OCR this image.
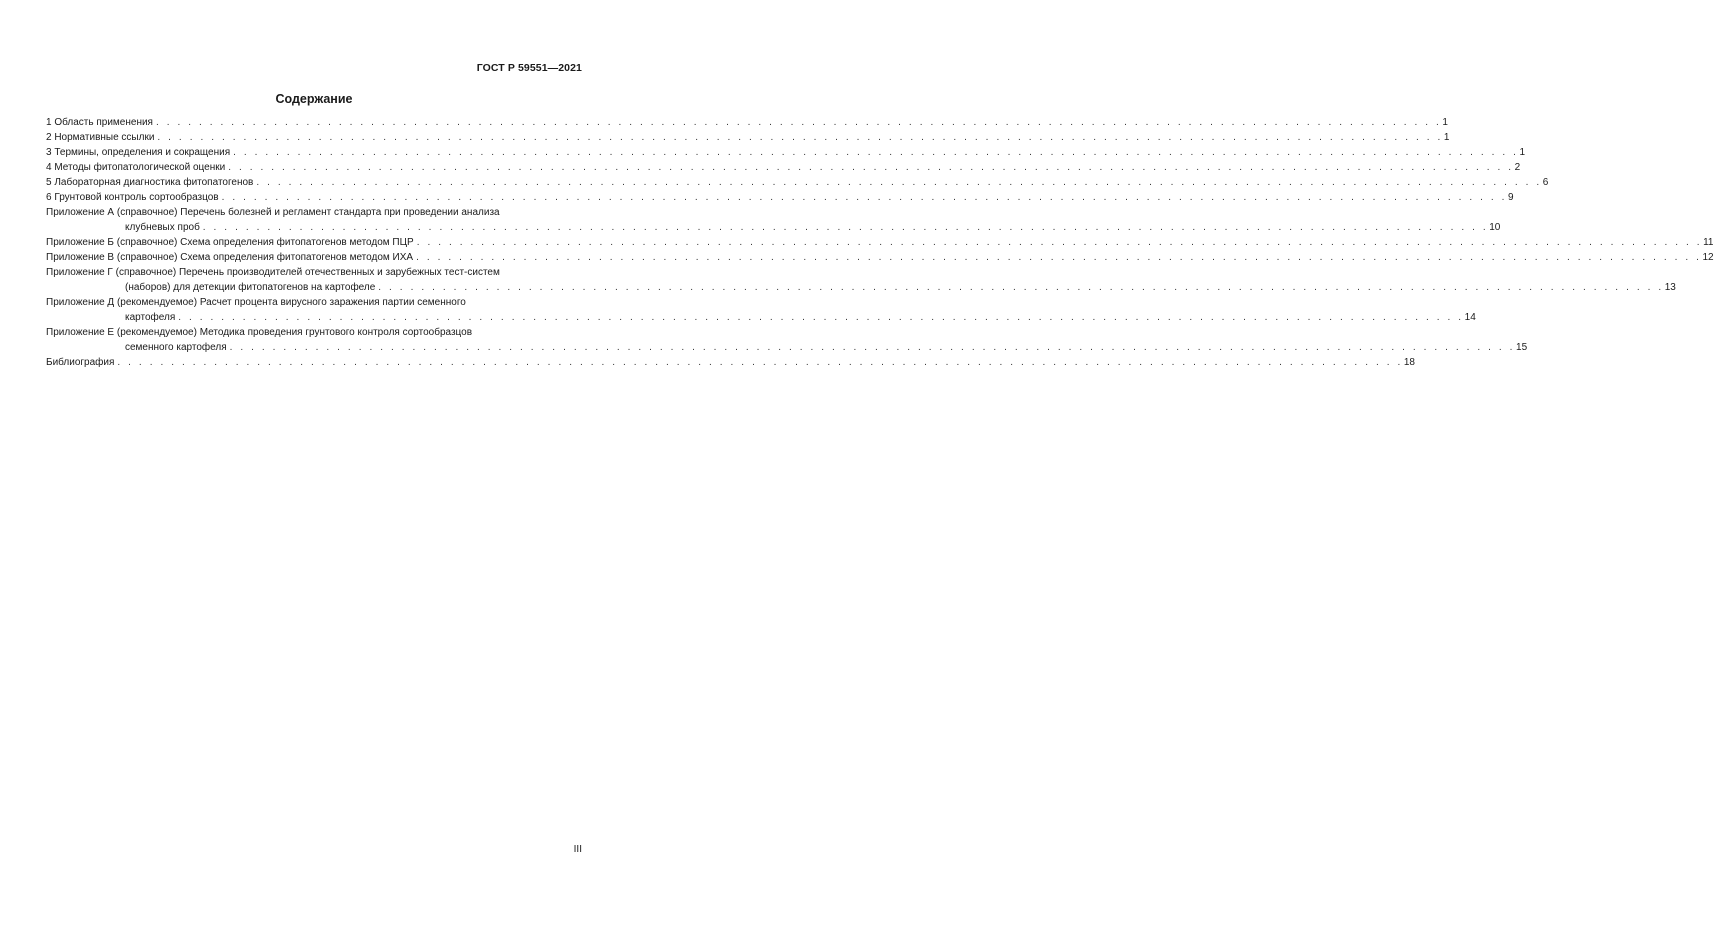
ГОСТ Р 59551—2021
Содержание
1 Область применения . . . . . . . . . . . . . . . . . . . . . . . . . . . . . . . . . . . . . . . . . . . . . . . . . . . . . . . . . . . . . . . . . . . . . . . . . . . . . . . . . . . . . . . . . . . . . . . . . . . . . . . . . . . . . . . . . . . . . . . . 1
2 Нормативные ссылки . . . . . . . . . . . . . . . . . . . . . . . . . . . . . . . . . . . . . . . . . . . . . . . . . . . . . . . . . . . . . . . . . . . . . . . . . . . . . . . . . . . . . . . . . . . . . . . . . . . . . . . . . . . . . . . . . . . . . . . . 1
3 Термины, определения и сокращения . . . . . . . . . . . . . . . . . . . . . . . . . . . . . . . . . . . . . . . . . . . . . . . . . . . . . . . . . . . . . . . . . . . . . . . . . . . . . . . . . . . . . . . . . . . . . . . . . . . . . . . . . . . . . . . . . . . . . . . . 1
4 Методы фитопатологической оценки . . . . . . . . . . . . . . . . . . . . . . . . . . . . . . . . . . . . . . . . . . . . . . . . . . . . . . . . . . . . . . . . . . . . . . . . . . . . . . . . . . . . . . . . . . . . . . . . . . . . . . . . . . . . . . . . . . . . . . . . 2
5 Лабораторная диагностика фитопатогенов . . . . . . . . . . . . . . . . . . . . . . . . . . . . . . . . . . . . . . . . . . . . . . . . . . . . . . . . . . . . . . . . . . . . . . . . . . . . . . . . . . . . . . . . . . . . . . . . . . . . . . . . . . . . . . . . . . . . . . . . 6
6 Грунтовой контроль сортообразцов . . . . . . . . . . . . . . . . . . . . . . . . . . . . . . . . . . . . . . . . . . . . . . . . . . . . . . . . . . . . . . . . . . . . . . . . . . . . . . . . . . . . . . . . . . . . . . . . . . . . . . . . . . . . . . . . . . . . . . . . 9
Приложение А (справочное) Перечень болезней и регламент стандарта при проведении анализа
клубневых проб . . . . . . . . . . . . . . . . . . . . . . . . . . . . . . . . . . . . . . . . . . . . . . . . . . . . . . . . . . . . . . . . . . . . . . . . . . . . . . . . . . . . . . . . . . . . . . . . . . . . . . . . . . . . . . . . . . . . . . . . 10
Приложение Б (справочное) Схема определения фитопатогенов методом ПЦР . . . . . . . . . . . . . . . . . . . . . . . . . . . . . . . . . . . . . . . . . . . . . . . . . . . . . . . . . . . . . . . . . . . . . . . . . . . . . . . . . . . . . . . . . . . . . . . . . . . . . . . . . . . . . . . . . . . . . . . . 11
Приложение В (справочное) Схема определения фитопатогенов методом ИХА . . . . . . . . . . . . . . . . . . . . . . . . . . . . . . . . . . . . . . . . . . . . . . . . . . . . . . . . . . . . . . . . . . . . . . . . . . . . . . . . . . . . . . . . . . . . . . . . . . . . . . . . . . . . . . . . . . . . . . . . 12
Приложение Г (справочное) Перечень производителей отечественных и зарубежных тест-систем
(наборов) для детекции фитопатогенов на картофеле . . . . . . . . . . . . . . . . . . . . . . . . . . . . . . . . . . . . . . . . . . . . . . . . . . . . . . . . . . . . . . . . . . . . . . . . . . . . . . . . . . . . . . . . . . . . . . . . . . . . . . . . . . . . . . . . . . . . . . . . 13
Приложение Д (рекомендуемое) Расчет процента вирусного заражения партии семенного
картофеля . . . . . . . . . . . . . . . . . . . . . . . . . . . . . . . . . . . . . . . . . . . . . . . . . . . . . . . . . . . . . . . . . . . . . . . . . . . . . . . . . . . . . . . . . . . . . . . . . . . . . . . . . . . . . . . . . . . . . . . . 14
Приложение Е (рекомендуемое) Методика проведения грунтового контроля сортообразцов
семенного картофеля . . . . . . . . . . . . . . . . . . . . . . . . . . . . . . . . . . . . . . . . . . . . . . . . . . . . . . . . . . . . . . . . . . . . . . . . . . . . . . . . . . . . . . . . . . . . . . . . . . . . . . . . . . . . . . . . . . . . . . . . 15
Библиография . . . . . . . . . . . . . . . . . . . . . . . . . . . . . . . . . . . . . . . . . . . . . . . . . . . . . . . . . . . . . . . . . . . . . . . . . . . . . . . . . . . . . . . . . . . . . . . . . . . . . . . . . . . . . . . . . . . . . . . . 18
III
